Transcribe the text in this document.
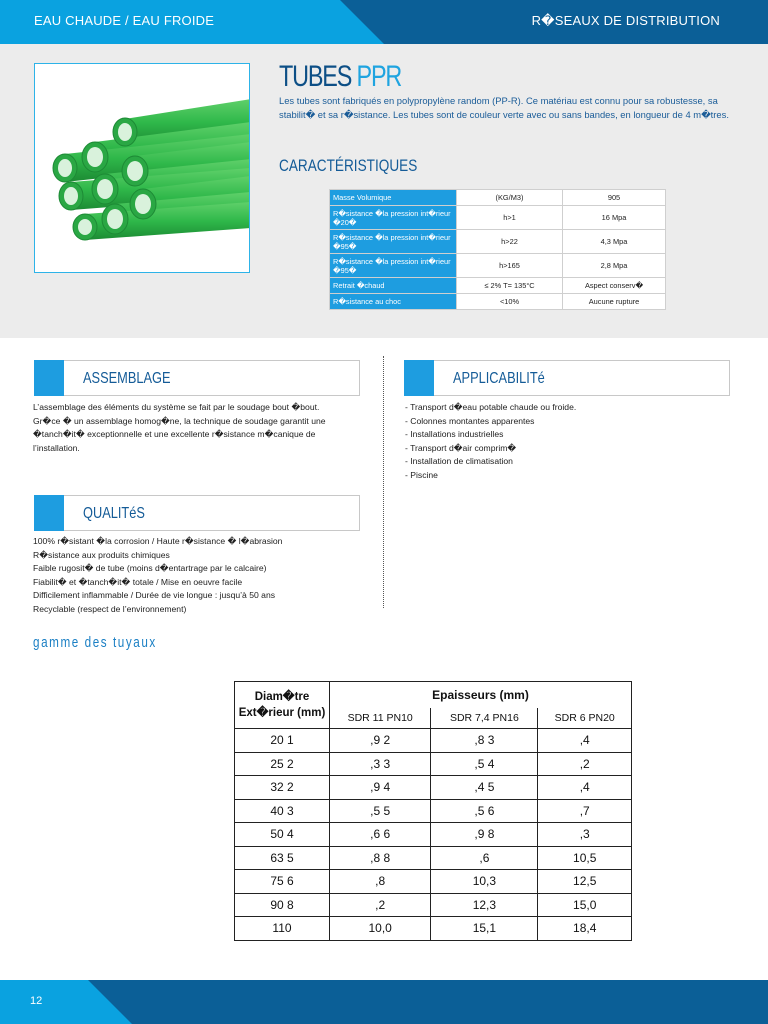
EAU CHAUDE / EAU FROIDE	R�SEAUX DE DISTRIBUTION
TUBES PPR
Les tubes sont fabriqués en polypropylène random (PP-R). Ce matériau est connu pour sa robustesse, sa stabilit� et sa r�sistance. Les tubes sont de couleur verte avec ou sans bandes, en longueur de 4 m�tres.
CARACTÉRISTIQUES
Masse Volumique	(KG/M3)	905
R�sistance �la pression int�rieur �20�	h>1	16 Mpa
R�sistance �la pression int�rieur �95�	h>22	4,3 Mpa
R�sistance �la pression int�rieur �95�	h>165	2,8 Mpa
Retrait �chaud	≤ 2% T= 135°C	Aspect conserv�
R�sistance au choc	<10%	Aucune rupture
ASSEMBLAGE
L’assemblage des éléments du système se fait par le soudage bout �bout. Gr�ce � un assemblage homog�ne, la technique de soudage garantit une �tanch�it� exceptionnelle et une excellente r�sistance m�canique de l’installation.
APPLICABILITé
- Transport d�eau potable chaude ou froide.
- Colonnes montantes apparentes
- Installations industrielles
- Transport d�air comprim�
- Installation de climatisation
- Piscine
QUALITéS
100% r�sistant �la corrosion / Haute r�sistance � l�abrasion
R�sistance aux produits chimiques
Faible rugosit� de tube (moins d�entartrage par le calcaire)
Fiabilit� et �tanch�it� totale / Mise en oeuvre facile
Difficilement inflammable / Durée de vie longue : jusqu’à 50 ans
Recyclable (respect de l’environnement)
gamme des tuyaux
Diam�tre Ext�rieur (mm)	Epaisseurs (mm)		
	SDR 11 PN10	SDR 7,4 PN16	SDR 6 PN20
20 1	,9 2	,8 3	,4
25 2	,3 3	,5 4	,2
32 2	,9 4	,4 5	,4
40 3	,5 5	,5 6	,7
50 4	,6 6	,9 8	,3
63 5	,8 8	,6	10,5
75 6	,8	10,3	12,5
90 8	,2	12,3	15,0
110	10,0	15,1	18,4
12
